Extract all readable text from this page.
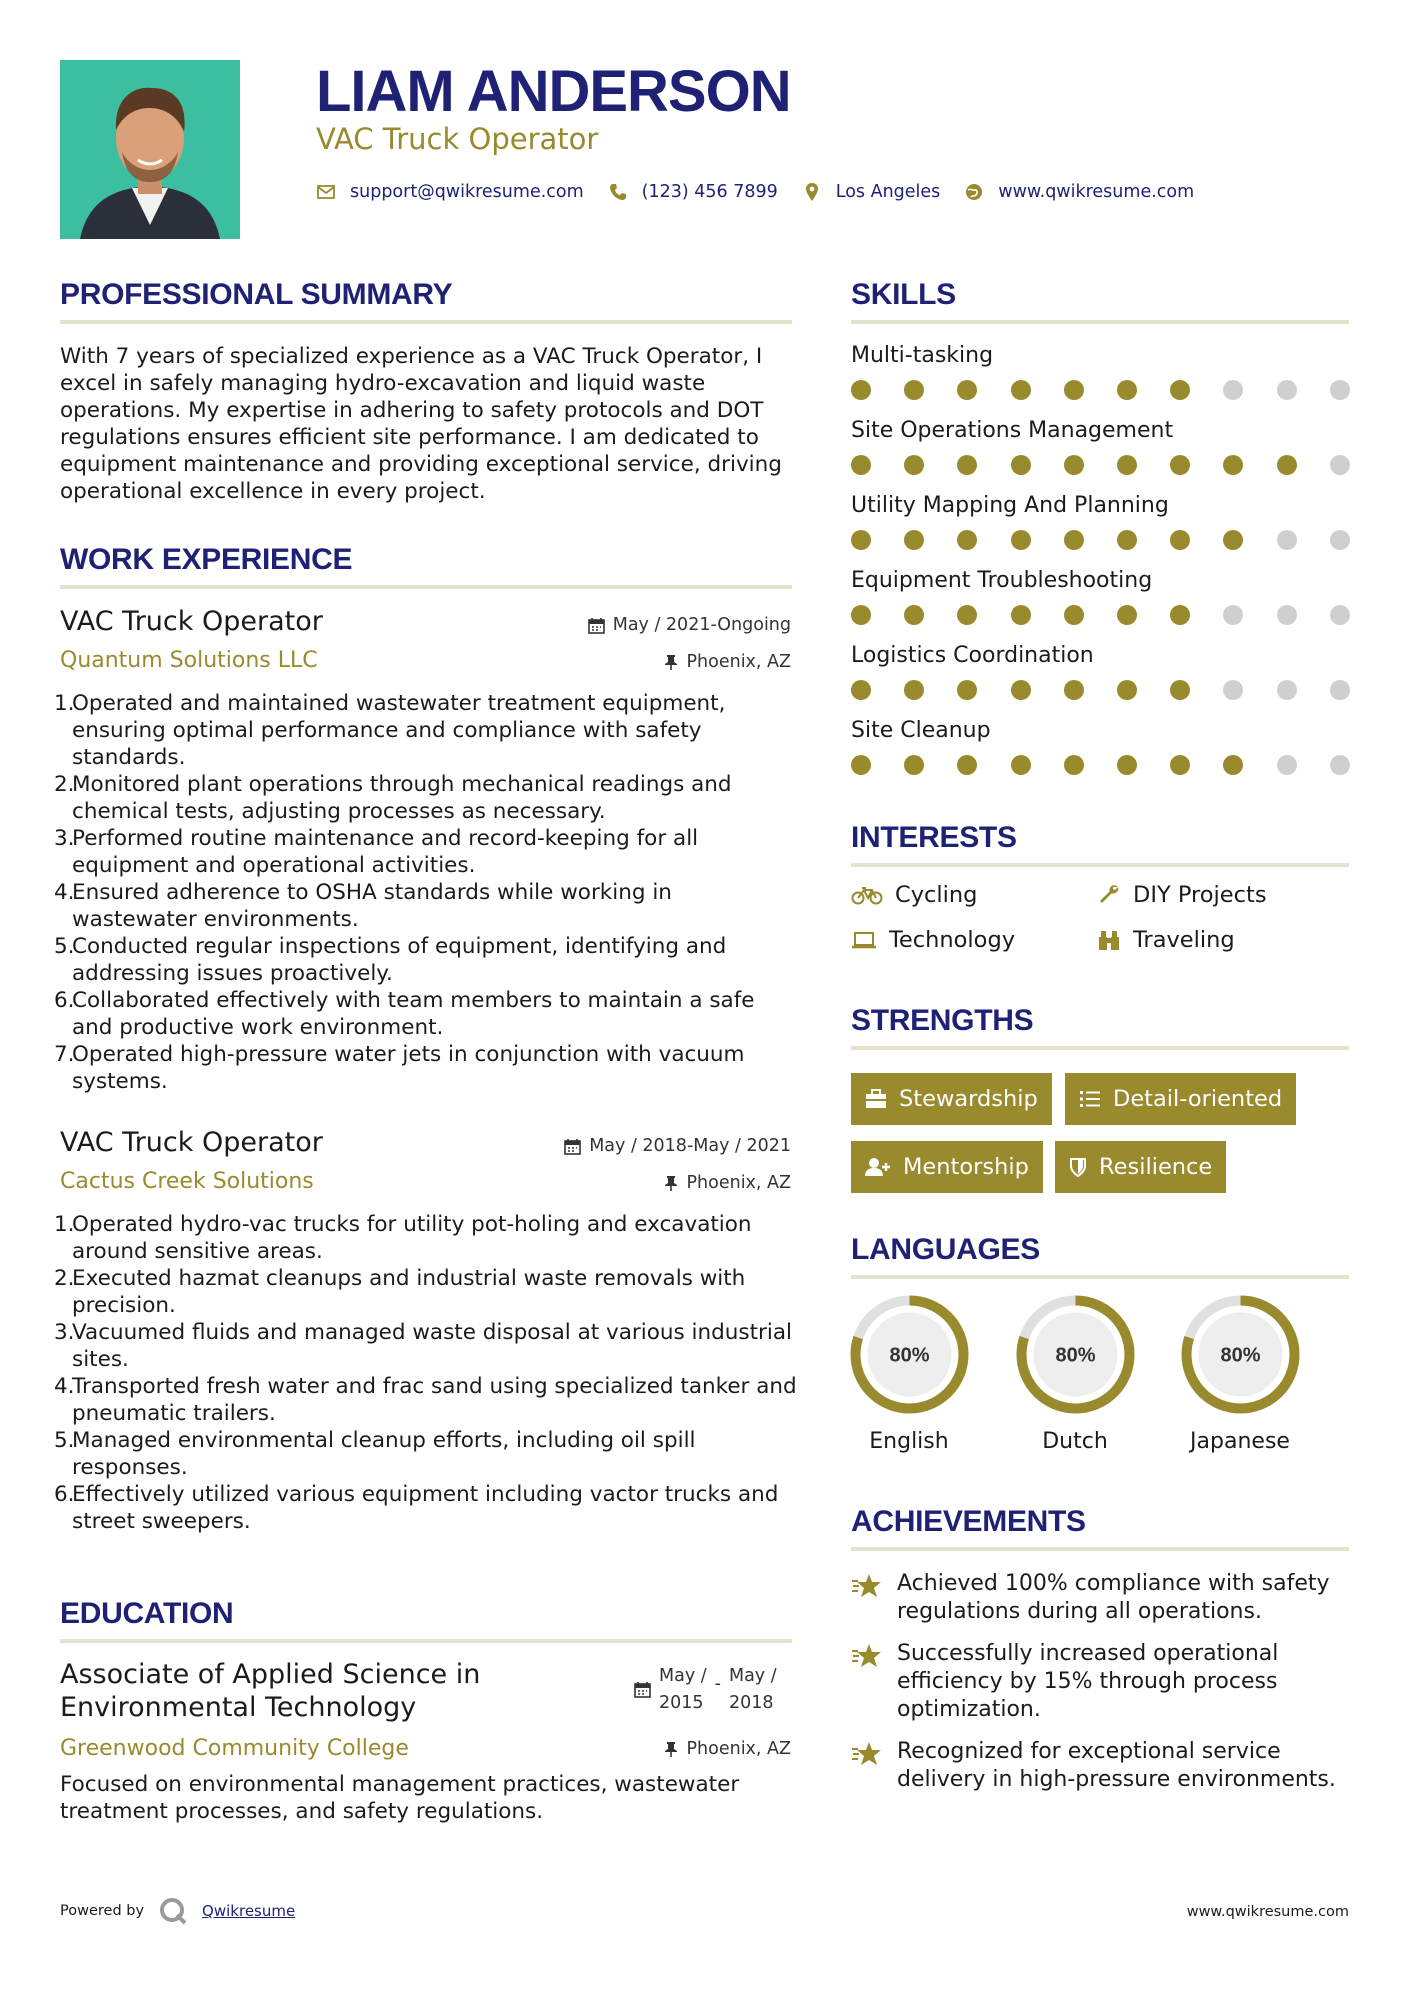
LIAM ANDERSON
VAC Truck Operator
support@qwikresume.com	(123) 456 7899	Los Angeles	www.qwikresume.com
PROFESSIONAL SUMMARY
With 7 years of specialized experience as a VAC Truck Operator, I excel in safely managing hydro-excavation and liquid waste operations. My expertise in adhering to safety protocols and DOT regulations ensures efficient site performance. I am dedicated to equipment maintenance and providing exceptional service, driving operational excellence in every project.
WORK EXPERIENCE
VAC Truck Operator	May / 2021-Ongoing
Quantum Solutions LLC	Phoenix, AZ
1.
Operated and maintained wastewater treatment equipment, ensuring optimal performance and compliance with safety standards.
2.
Monitored plant operations through mechanical readings and chemical tests, adjusting processes as necessary.
3.
Performed routine maintenance and record-keeping for all equipment and operational activities.
4.
Ensured adherence to OSHA standards while working in wastewater environments.
5.
Conducted regular inspections of equipment, identifying and addressing issues proactively.
6.
Collaborated effectively with team members to maintain a safe and productive work environment.
7.
Operated high-pressure water jets in conjunction with vacuum systems.
VAC Truck Operator	May / 2018-May / 2021
Cactus Creek Solutions	Phoenix, AZ
1.
Operated hydro-vac trucks for utility pot-holing and excavation around sensitive areas.
2.
Executed hazmat cleanups and industrial waste removals with precision.
3.
Vacuumed fluids and managed waste disposal at various industrial sites.
4.
Transported fresh water and frac sand using specialized tanker and pneumatic trailers.
5.
Managed environmental cleanup efforts, including oil spill responses.
6.
Effectively utilized various equipment including vactor trucks and street sweepers.
EDUCATION
Associate of Applied Science in
Environmental Technology
May /
2015
- May /
2018
Greenwood Community College	Phoenix, AZ
Focused on environmental management practices, wastewater treatment processes, and safety regulations.
SKILLS
Multi-tasking
Site Operations Management
Utility Mapping And Planning
Equipment Troubleshooting
Logistics Coordination
Site Cleanup
INTERESTS
Cycling	DIY Projects
Technology	Traveling
STRENGTHS
Stewardship	Detail-oriented
Mentorship	Resilience
LANGUAGES
80%
English
80%
Dutch
80%
Japanese
ACHIEVEMENTS
Achieved 100% compliance with safety regulations during all operations.
Successfully increased operational efficiency by 15% through process optimization.
Recognized for exceptional service delivery in high-pressure environments.
Powered by	Qwikresume	www.qwikresume.com
